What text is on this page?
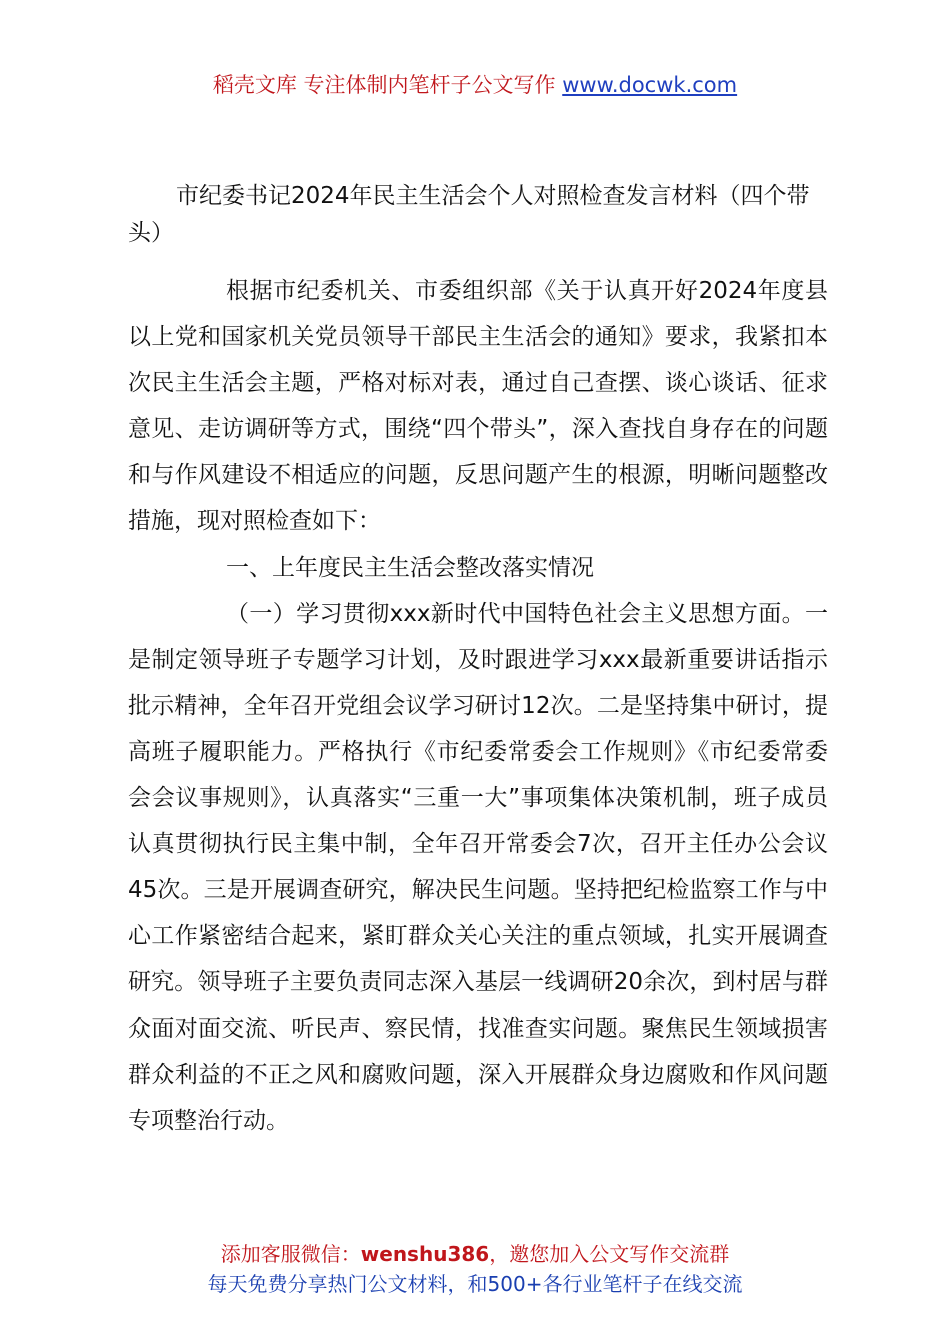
稻壳文库 专注体制内笔杆子公文写作 www.docwk.com
市纪委书记2024年民主生活会个人对照检查发言材料（四个带头）

根据市纪委机关、市委组织部《关于认真开好2024年度县以上党和国家机关党员领导干部民主生活会的通知》要求，我紧扣本次民主生活会主题，严格对标对表，通过自己查摆、谈心谈话、征求意见、走访调研等方式，围绕“四个带头”，深入查找自身存在的问题和与作风建设不相适应的问题，反思问题产生的根源，明晰问题整改措施，现对照检查如下：

一、上年度民主生活会整改落实情况

（一）学习贯彻xxx新时代中国特色社会主义思想方面。一是制定领导班子专题学习计划，及时跟进学习xxx最新重要讲话指示批示精神，全年召开党组会议学习研讨12次。二是坚持集中研讨，提高班子履职能力。严格执行《市纪委常委会工作规则》《市纪委常委会会议事规则》，认真落实“三重一大”事项集体决策机制，班子成员认真贯彻执行民主集中制，全年召开常委会7次，召开主任办公会议45次。三是开展调查研究，解决民生问题。坚持把纪检监察工作与中心工作紧密结合起来，紧盯群众关心关注的重点领域，扎实开展调查研究。领导班子主要负责同志深入基层一线调研20余次，到村居与群众面对面交流、听民声、察民情，找准查实问题。聚焦民生领域损害群众利益的不正之风和腐败问题，深入开展群众身边腐败和作风问题专项整治行动。

添加客服微信：wenshu386，邀您加入公文写作交流群
每天免费分享热门公文材料，和500+各行业笔杆子在线交流
